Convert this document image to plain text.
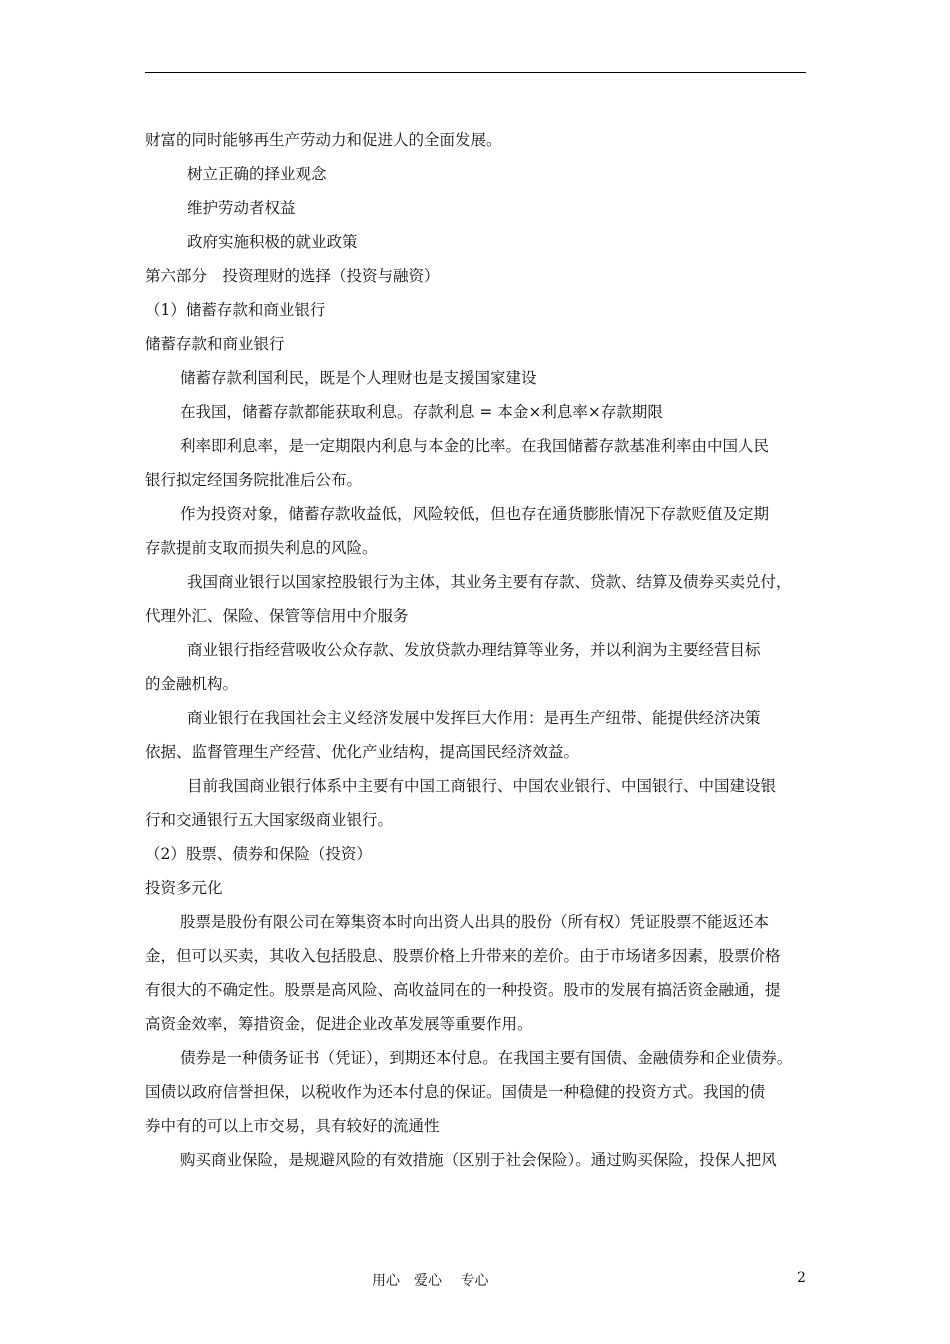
财富的同时能够再生产劳动力和促进人的全面发展。

树立正确的择业观念

维护劳动者权益

政府实施积极的就业政策

第六部分　投资理财的选择（投资与融资）

（1）储蓄存款和商业银行

储蓄存款和商业银行

储蓄存款利国利民，既是个人理财也是支援国家建设

在我国，储蓄存款都能获取利息。存款利息 = 本金×利息率×存款期限

利率即利息率，是一定期限内利息与本金的比率。在我国储蓄存款基准利率由中国人民

银行拟定经国务院批准后公布。

作为投资对象，储蓄存款收益低，风险较低，但也存在通货膨胀情况下存款贬值及定期

存款提前支取而损失利息的风险。

我国商业银行以国家控股银行为主体，其业务主要有存款、贷款、结算及债券买卖兑付，

代理外汇、保险、保管等信用中介服务

商业银行指经营吸收公众存款、发放贷款办理结算等业务，并以利润为主要经营目标

的金融机构。

商业银行在我国社会主义经济发展中发挥巨大作用：是再生产纽带、能提供经济决策

依据、监督管理生产经营、优化产业结构，提高国民经济效益。

目前我国商业银行体系中主要有中国工商银行、中国农业银行、中国银行、中国建设银

行和交通银行五大国家级商业银行。

（2）股票、债券和保险（投资）

投资多元化

股票是股份有限公司在筹集资本时向出资人出具的股份（所有权）凭证股票不能返还本

金，但可以买卖，其收入包括股息、股票价格上升带来的差价。由于市场诸多因素，股票价格

有很大的不确定性。股票是高风险、高收益同在的一种投资。股市的发展有搞活资金融通，提

高资金效率，筹措资金，促进企业改革发展等重要作用。

债券是一种债务证书（凭证），到期还本付息。在我国主要有国债、金融债券和企业债券。

国债以政府信誉担保，以税收作为还本付息的保证。国债是一种稳健的投资方式。我国的债

券中有的可以上市交易，具有较好的流通性

购买商业保险，是规避风险的有效措施（区别于社会保险）。通过购买保险，投保人把风

用心　爱心　 专心	2
